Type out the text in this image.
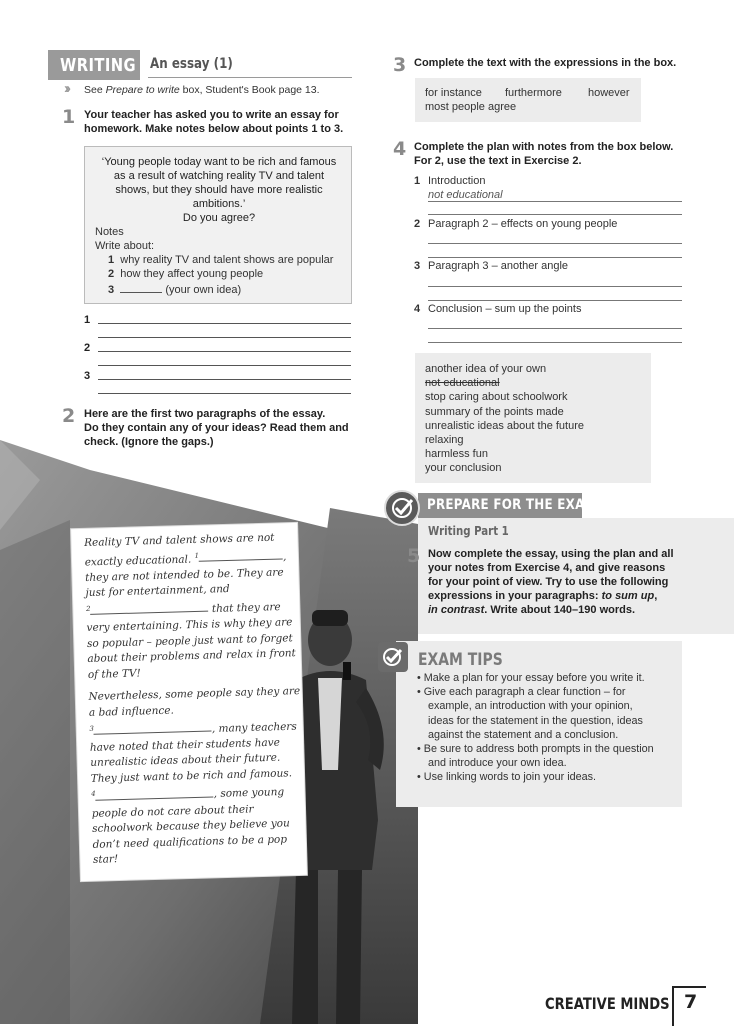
WRITING An essay (1)
›› See Prepare to write box, Student's Book page 13.
1 Your teacher has asked you to write an essay for
homework. Make notes below about points 1 to 3.
‘Young people today want to be rich and famous
as a result of watching reality TV and talent
shows, but they should have more realistic
ambitions.’
Do you agree?
Notes
Write about:
1 why reality TV and talent shows are popular
2 how they affect young people
3	(your own idea)
1
2
3
2 Here are the first two paragraphs of the essay.
Do they contain any of your ideas? Read them and
check. (Ignore the gaps.)

Reality TV and talent shows are not exactly educational. $^1$	, they are not intended to be. They are just for entertainment, and
$^2$	that they are very entertaining. This is why they are so popular – people just want to forget about their problems and relax in front of the TV!

Nevertheless, some people say they are a bad influence.
$^3$	, many teachers have noted that their students have unrealistic ideas about their future. They just want to be rich and famous.
$^4$	, some young people do not care about their schoolwork because they believe you don’t need qualifications to be a pop star!

3 Complete the text with the expressions in the box.
for instance furthermore however
most people agree
4 Complete the plan with notes from the box below.
For 2, use the text in Exercise 2.
1 Introduction
not educational
2 Paragraph 2 – effects on young people
3 Paragraph 3 – another angle
4 Conclusion – sum up the points
another idea of your own
not educational
stop caring about schoolwork
summary of the points made
unrealistic ideas about the future
relaxing
harmless fun
your conclusion
PREPARE FOR THE EXAM
Writing Part 1
5 Now complete the essay, using the plan and all
your notes from Exercise 4, and give reasons
for your point of view. Try to use the following
expressions in your paragraphs: to sum up,
in contrast. Write about 140–190 words.
EXAM TIPS
• Make a plan for your essay before you write it.
• Give each paragraph a clear function – for
example, an introduction with your opinion,
ideas for the statement in the question, ideas
against the statement and a conclusion.
• Be sure to address both prompts in the question
and introduce your own idea.
• Use linking words to join your ideas.
CREATIVE MINDS 7
